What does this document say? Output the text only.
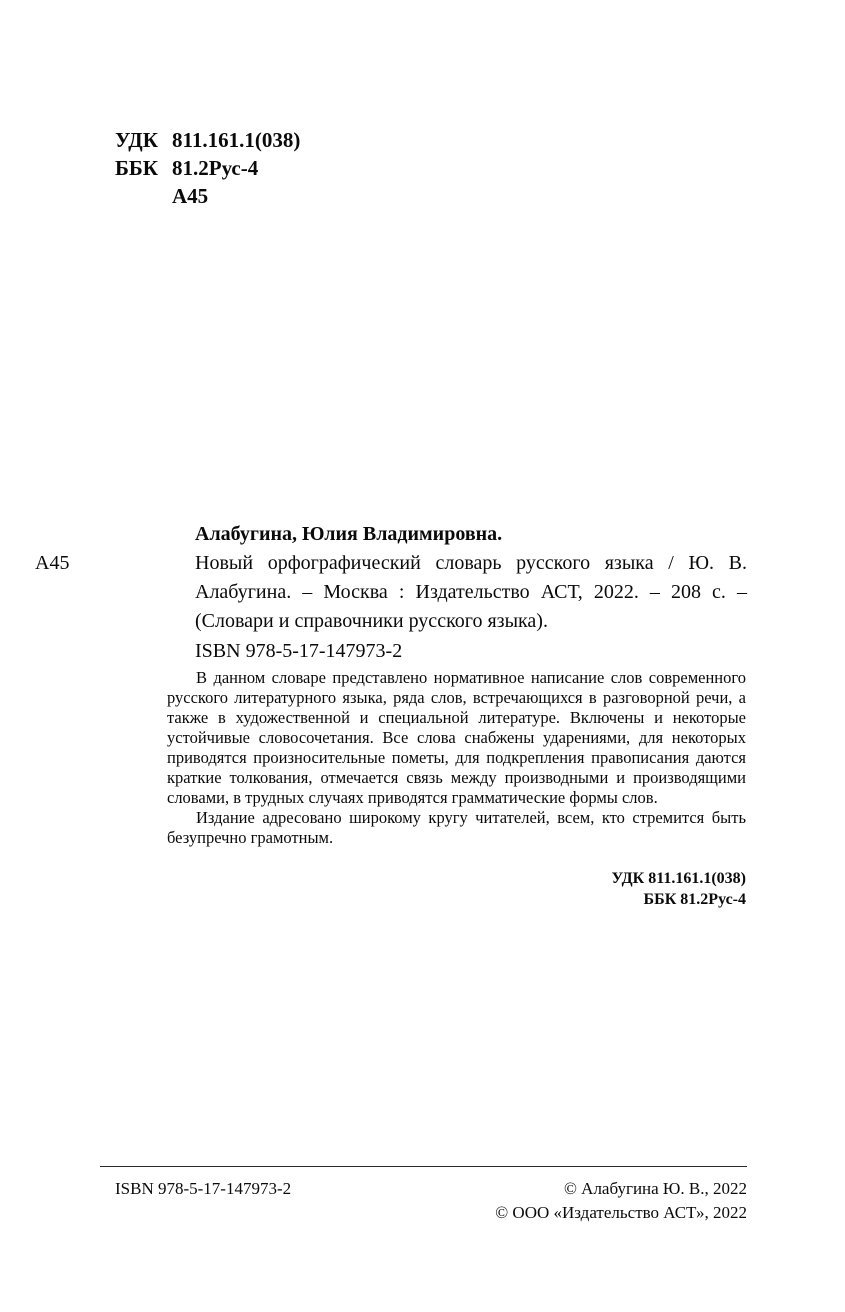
УДК 811.161.1(038)
ББК 81.2Рус-4
А45
Алабугина, Юлия Владимировна.
А45	Новый орфографический словарь русского языка / Ю. В. Алабугина. – Москва : Издательство АСТ, 2022. – 208 с. – (Словари и справочники русского языка).
ISBN 978-5-17-147973-2

В данном словаре представлено нормативное написание слов современного русского литературного языка, ряда слов, встречающихся в разговорной речи, а также в художественной и специальной литературе. Включены и некоторые устойчивые словосочетания. Все слова снабжены ударениями, для некоторых приводятся произносительные пометы, для подкрепления правописания даются краткие толкования, отмечается связь между производными и производящими словами, в трудных случаях приводятся грамматические формы слов.

Издание адресовано широкому кругу читателей, всем, кто стремится быть безупречно грамотным.

УДК 811.161.1(038)
ББК 81.2Рус-4
ISBN 978-5-17-147973-2	© Алабугина Ю. В., 2022
© ООО «Издательство АСТ», 2022
